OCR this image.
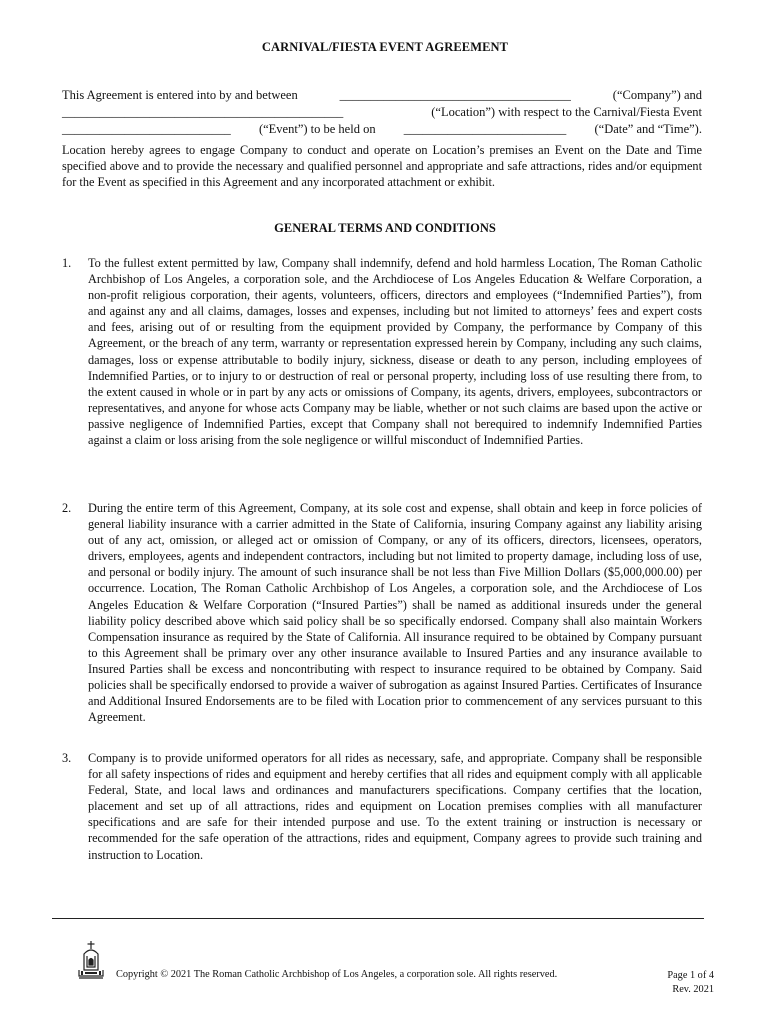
CARNIVAL/FIESTA EVENT AGREEMENT
This Agreement is entered into by and between	_____________________________________	(“Company”) and
_____________________________________________	(“Location”) with respect to the Carnival/Fiesta Event
___________________________ (“Event”) to be held on __________________________ (“Date” and “Time”).
Location hereby agrees to engage Company to conduct and operate on Location’s premises an Event on the Date and Time specified above and to provide the necessary and qualified personnel and appropriate and safe attractions, rides and/or equipment for the Event as specified in this Agreement and any incorporated attachment or exhibit.
GENERAL TERMS AND CONDITIONS
1.	To the fullest extent permitted by law, Company shall indemnify, defend and hold harmless Location, The Roman Catholic Archbishop of Los Angeles, a corporation sole, and the Archdiocese of Los Angeles Education & Welfare Corporation, a non-profit religious corporation, their agents, volunteers, officers, directors and employees (“Indemnified Parties”), from and against any and all claims, damages, losses and expenses, including but not limited to attorneys’ fees and expert costs and fees, arising out of or resulting from the equipment provided by Company, the performance by Company of this Agreement, or the breach of any term, warranty or representation expressed herein by Company, including any such claims, damages, loss or expense attributable to bodily injury, sickness, disease or death to any person, including employees of Indemnified Parties, or to injury to or destruction of real or personal property, including loss of use resulting there from, to the extent caused in whole or in part by any acts or omissions of Company, its agents, drivers, employees, subcontractors or representatives, and anyone for whose acts Company may be liable, whether or not such claims are based upon the active or passive negligence of Indemnified Parties, except that Company shall not berequired to indemnify Indemnified Parties against a claim or loss arising from the sole negligence or willful misconduct of Indemnified Parties.
2.	During the entire term of this Agreement, Company, at its sole cost and expense, shall obtain and keep in force policies of general liability insurance with a carrier admitted in the State of California, insuring Company against any liability arising out of any act, omission, or alleged act or omission of Company, or any of its officers, directors, licensees, operators, drivers, employees, agents and independent contractors, including but not limited to property damage, including loss of use, and personal or bodily injury. The amount of such insurance shall be not less than Five Million Dollars ($5,000,000.00) per occurrence. Location, The Roman Catholic Archbishop of Los Angeles, a corporation sole, and the Archdiocese of Los Angeles Education & Welfare Corporation (“Insured Parties”) shall be named as additional insureds under the general liability policy described above which said policy shall be so specifically endorsed. Company shall also maintain Workers Compensation insurance as required by the State of California. All insurance required to be obtained by Company pursuant to this Agreement shall be primary over any other insurance available to Insured Parties and any insurance available to Insured Parties shall be excess and noncontributing with respect to insurance required to be obtained by Company. Said policies shall be specifically endorsed to provide a waiver of subrogation as against Insured Parties. Certificates of Insurance and Additional Insured Endorsements are to be filed with Location prior to commencement of any services pursuant to this Agreement.
3.	Company is to provide uniformed operators for all rides as necessary, safe, and appropriate. Company shall be responsible for all safety inspections of rides and equipment and hereby certifies that all rides and equipment comply with all applicable Federal, State, and local laws and ordinances and manufacturers specifications. Company certifies that the location, placement and set up of all attractions, rides and equipment on Location premises complies with all manufacturer specifications and are safe for their intended purpose and use. To the extent training or instruction is necessary or recommended for the safe operation of the attractions, rides and equipment, Company agrees to provide such training and instruction to Location.
Copyright © 2021 The Roman Catholic Archbishop of Los Angeles, a corporation sole. All rights reserved.	Page 1 of 4
Rev. 2021
